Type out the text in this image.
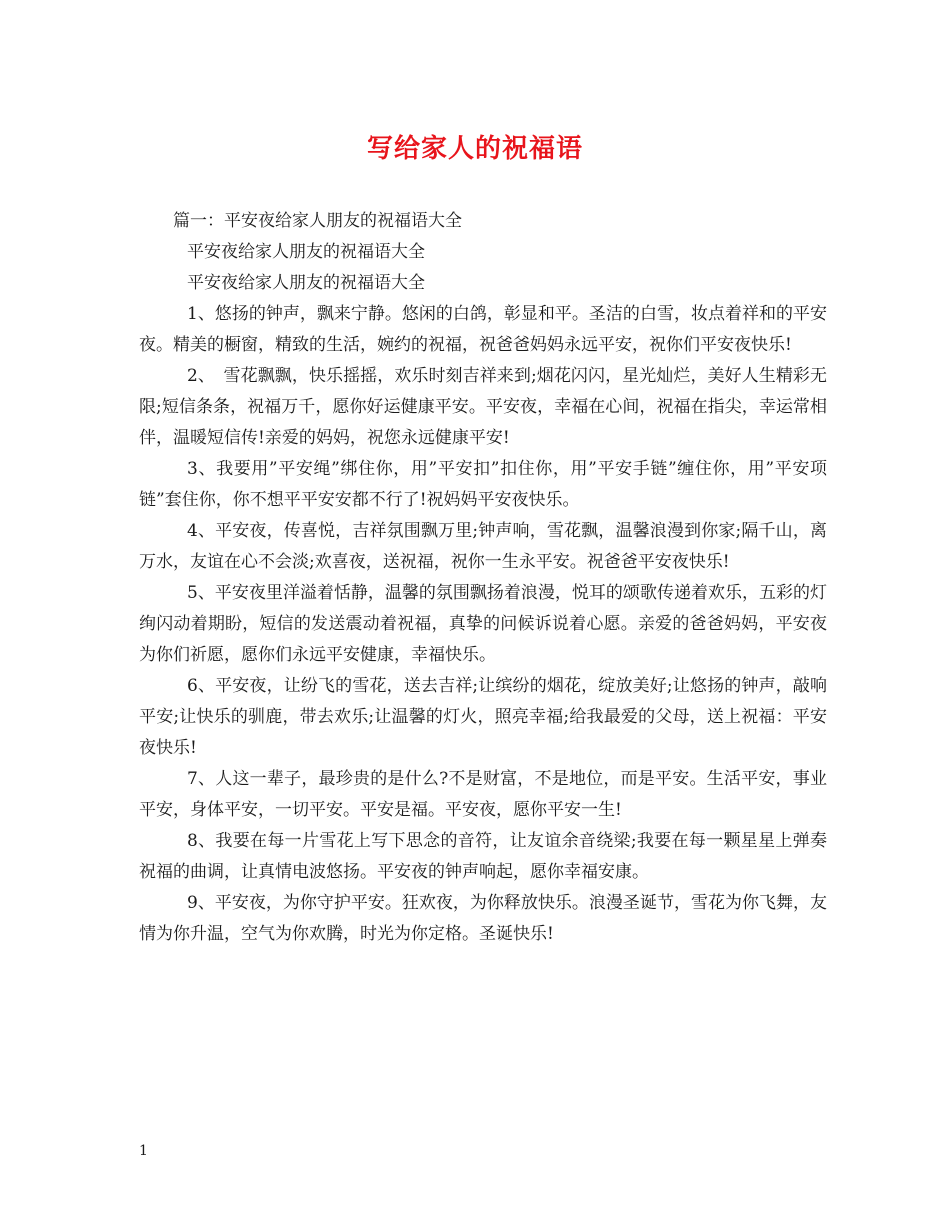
写给家人的祝福语

篇一：平安夜给家人朋友的祝福语大全

平安夜给家人朋友的祝福语大全

平安夜给家人朋友的祝福语大全

1、悠扬的钟声，飘来宁静。悠闲的白鸽，彰显和平。圣洁的白雪，妆点着祥和的平安夜。精美的橱窗，精致的生活，婉约的祝福，祝爸爸妈妈永远平安，祝你们平安夜快乐!

2、　雪花飘飘，快乐摇摇，欢乐时刻吉祥来到;烟花闪闪，星光灿烂，美好人生精彩无限;短信条条，祝福万千，愿你好运健康平安。平安夜，幸福在心间，祝福在指尖，幸运常相伴，温暖短信传!亲爱的妈妈，祝您永远健康平安!

3、我要用”平安绳”绑住你，用”平安扣”扣住你，用”平安手链”缠住你，用”平安项链”套住你，你不想平平安安都不行了!祝妈妈平安夜快乐。

4、平安夜，传喜悦，吉祥氛围飘万里;钟声响，雪花飘，温馨浪漫到你家;隔千山，离万水，友谊在心不会淡;欢喜夜，送祝福，祝你一生永平安。祝爸爸平安夜快乐!

5、平安夜里洋溢着恬静，温馨的氛围飘扬着浪漫，悦耳的颂歌传递着欢乐，五彩的灯绚闪动着期盼，短信的发送震动着祝福，真挚的问候诉说着心愿。亲爱的爸爸妈妈，平安夜为你们祈愿，愿你们永远平安健康，幸福快乐。

6、平安夜，让纷飞的雪花，送去吉祥;让缤纷的烟花，绽放美好;让悠扬的钟声，敲响平安;让快乐的驯鹿，带去欢乐;让温馨的灯火，照亮幸福;给我最爱的父母，送上祝福：平安夜快乐!

7、人这一辈子，最珍贵的是什么?不是财富，不是地位，而是平安。生活平安，事业平安，身体平安，一切平安。平安是福。平安夜，愿你平安一生!

8、我要在每一片雪花上写下思念的音符，让友谊余音绕梁;我要在每一颗星星上弹奏祝福的曲调，让真情电波悠扬。平安夜的钟声响起，愿你幸福安康。

9、平安夜，为你守护平安。狂欢夜，为你释放快乐。浪漫圣诞节，雪花为你飞舞，友情为你升温，空气为你欢腾，时光为你定格。圣诞快乐!

1
